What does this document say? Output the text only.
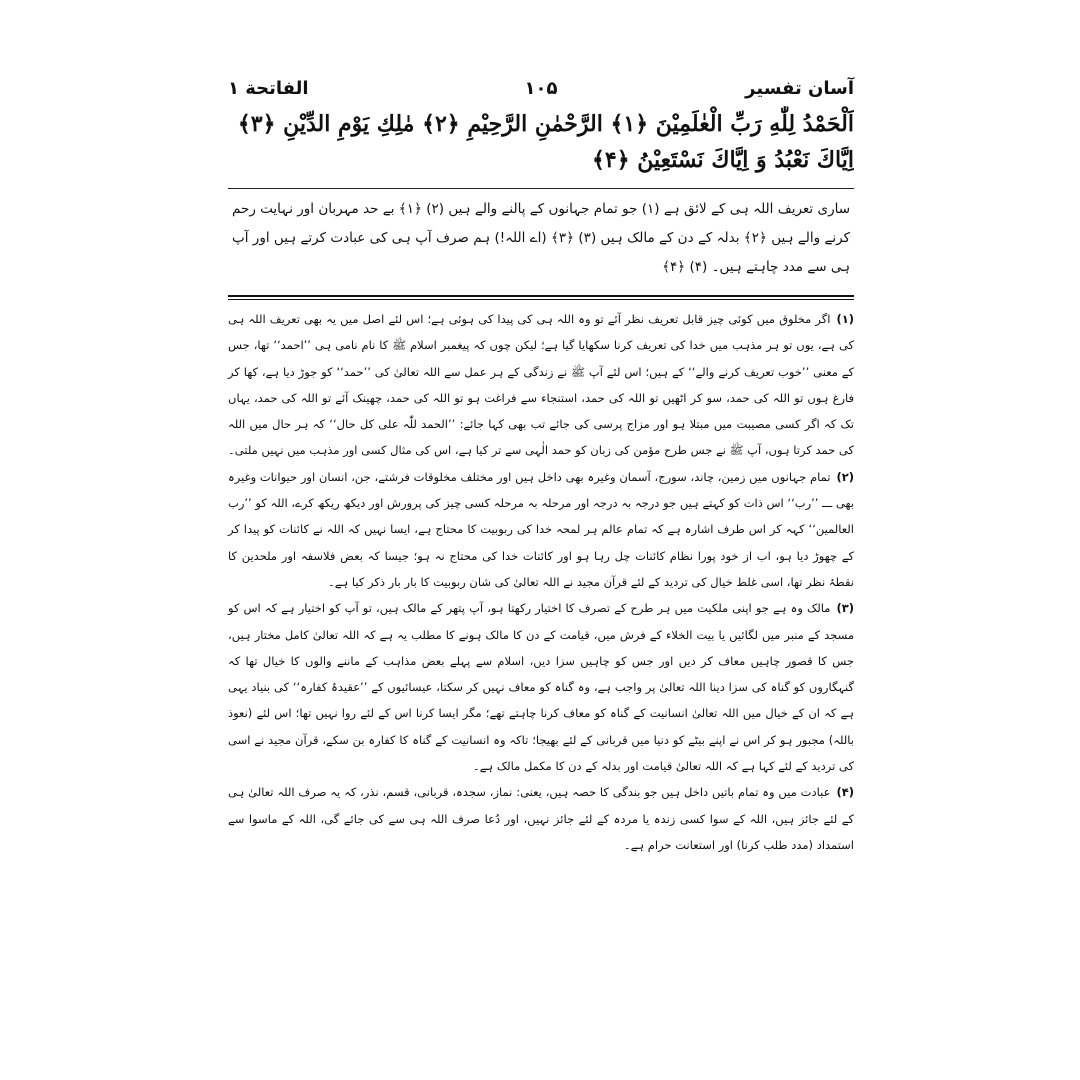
آسان تفسیر
۱۰۵
الفاتحة ۱
اَلْحَمْدُ لِلّٰهِ رَبِّ الْعٰلَمِیْنَ ﴿۱﴾ الرَّحْمٰنِ الرَّحِیْمِ ﴿۲﴾ مٰلِكِ یَوْمِ الدِّیْنِ ﴿۳﴾ اِیَّاكَ نَعْبُدُ وَ اِیَّاكَ نَسْتَعِیْنُ ﴿۴﴾
ساری تعریف اللہ ہی کے لائق ہے (۱) جو تمام جہانوں کے پالنے والے ہیں (۲) ﴿۱﴾ بے حد مہربان اور نہایت رحم کرنے والے ہیں ﴿۲﴾ بدلہ کے دن کے مالک ہیں (۳) ﴿۳﴾ (اے اللہ!) ہم صرف آپ ہی کی عبادت کرتے ہیں اور آپ ہی سے مدد چاہتے ہیں۔ (۴) ﴿۴﴾

(۱)اگر مخلوق میں کوئی چیز قابل تعریف نظر آئے تو وہ اللہ ہی کی پیدا کی ہوئی ہے؛ اس لئے اصل میں یہ بھی تعریف اللہ ہی کی ہے، یوں تو ہر مذہب میں خدا کی تعریف کرنا سکھایا گیا ہے؛ لیکن چوں کہ پیغمبر اسلام ﷺ کا نام نامی ہی ’’احمد‘‘ تھا، جس کے معنی ’’خوب تعریف کرنے والے‘‘ کے ہیں؛ اس لئے آپ ﷺ نے زندگی کے ہر عمل سے اللہ تعالیٰ کی ’’حمد‘‘ کو جوڑ دیا ہے، کھا کر فارغ ہوں تو اللہ کی حمد، سو کر اٹھیں تو اللہ کی حمد، استنجاء سے فراغت ہو تو اللہ کی حمد، چھینک آئے تو اللہ کی حمد، یہاں تک کہ اگر کسی مصیبت میں مبتلا ہو اور مزاج پرسی کی جائے تب بھی کہا جائے: ’’الحمد للّٰہ علی کل حال‘‘ کہ ہر حال میں اللہ کی حمد کرتا ہوں، آپ ﷺ نے جس طرح مؤمن کی زبان کو حمد الٰہی سے تر کیا ہے، اس کی مثال کسی اور مذہب میں نہیں ملتی۔

(۲)تمام جہانوں میں زمین، چاند، سورج، آسمان وغیرہ بھی داخل ہیں اور مختلف مخلوقات فرشتے، جن، انسان اور حیوانات وغیرہ بھی ـــ ’’رب‘‘ اس ذات کو کہتے ہیں جو درجہ بہ درجہ اور مرحلہ بہ مرحلہ کسی چیز کی پرورش اور دیکھ ریکھ کرے، اللہ کو ’’رب العالمین‘‘ کہہ کر اس طرف اشارہ ہے کہ تمام عالم ہر لمحہ خدا کی ربوبیت کا محتاج ہے، ایسا نہیں کہ اللہ نے کائنات کو پیدا کر کے چھوڑ دیا ہو، اب از خود پورا نظام کائنات چل رہا ہو اور کائنات خدا کی محتاج نہ ہو؛ جیسا کہ بعض فلاسفہ اور ملحدین کا نقطۂ نظر تھا، اسی غلط خیال کی تردید کے لئے قرآن مجید نے اللہ تعالیٰ کی شان ربوبیت کا بار بار ذکر کیا ہے۔

(۳)مالک وہ ہے جو اپنی ملکیت میں ہر طرح کے تصرف کا اختیار رکھتا ہو، آپ پتھر کے مالک ہیں، تو آپ کو اختیار ہے کہ اس کو مسجد کے منبر میں لگائیں یا بیت الخلاء کے فرش میں، قیامت کے دن کا مالک ہونے کا مطلب یہ ہے کہ اللہ تعالیٰ کامل مختار ہیں، جس کا قصور چاہیں معاف کر دیں اور جس کو چاہیں سزا دیں، اسلام سے پہلے بعض مذاہب کے ماننے والوں کا خیال تھا کہ گنہگاروں کو گناہ کی سزا دینا اللہ تعالیٰ پر واجب ہے، وہ گناہ کو معاف نہیں کر سکتا، عیسائیوں کے ’’عقیدۂ کفارہ‘‘ کی بنیاد یہی ہے کہ ان کے خیال میں اللہ تعالیٰ انسانیت کے گناہ کو معاف کرنا چاہتے تھے؛ مگر ایسا کرنا اس کے لئے روا نہیں تھا؛ اس لئے (نعوذ باللہ) مجبور ہو کر اس نے اپنے بیٹے کو دنیا میں قربانی کے لئے بھیجا؛ تاکہ وہ انسانیت کے گناہ کا کفارہ بن سکے، قرآن مجید نے اسی کی تردید کے لئے کہا ہے کہ اللہ تعالیٰ قیامت اور بدلہ کے دن کا مکمل مالک ہے۔

(۴)عبادت میں وہ تمام باتیں داخل ہیں جو بندگی کا حصہ ہیں، یعنی: نماز، سجدہ، قربانی، قسم، نذر، کہ یہ صرف اللہ تعالیٰ ہی کے لئے جائز ہیں، اللہ کے سوا کسی زندہ یا مردہ کے لئے جائز نہیں، اور دُعا صرف اللہ ہی سے کی جائے گی، اللہ کے ماسوا سے استمداد (مدد طلب کرنا) اور استعانت حرام ہے۔
